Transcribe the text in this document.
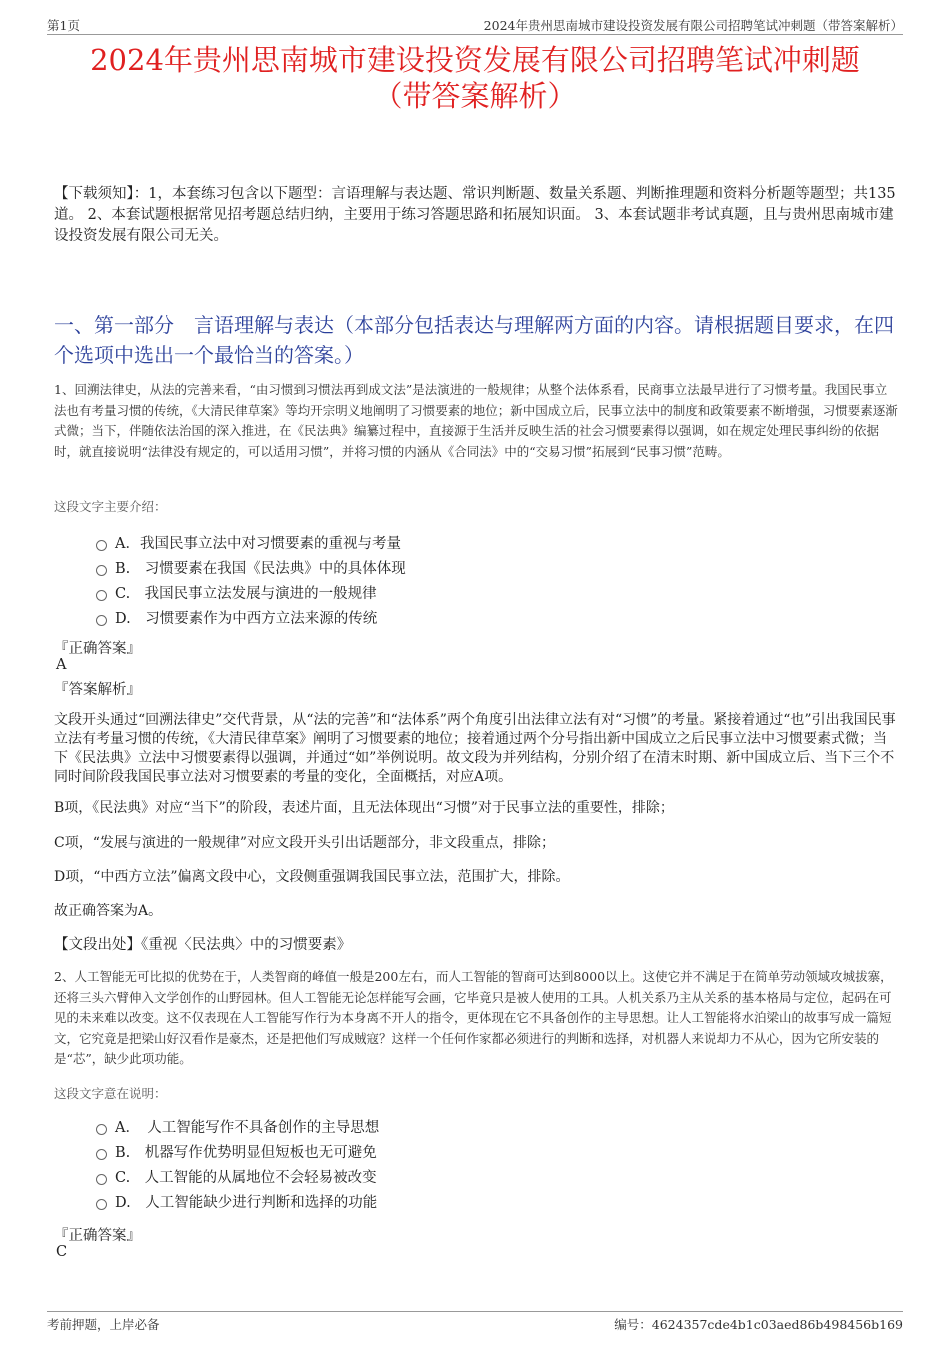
第1页	2024年贵州思南城市建设投资发展有限公司招聘笔试冲刺题（带答案解析）
2024年贵州思南城市建设投资发展有限公司招聘笔试冲刺题
（带答案解析）
【下载须知】：1，本套练习包含以下题型：言语理解与表达题、常识判断题、数量关系题、判断推理题和资料分析题等题型；共135道。 2、本套试题根据常见招考题总结归纳，主要用于练习答题思路和拓展知识面。 3、本套试题非考试真题，且与贵州思南城市建设投资发展有限公司无关。
一、第一部分　言语理解与表达（本部分包括表达与理解两方面的内容。请根据题目要求，在四个选项中选出一个最恰当的答案。）
1、回溯法律史，从法的完善来看，“由习惯到习惯法再到成文法”是法演进的一般规律；从整个法体系看，民商事立法最早进行了习惯考量。我国民事立法也有考量习惯的传统，《大清民律草案》等均开宗明义地阐明了习惯要素的地位；新中国成立后，民事立法中的制度和政策要素不断增强，习惯要素逐渐式微；当下，伴随依法治国的深入推进，在《民法典》编纂过程中，直接源于生活并反映生活的社会习惯要素得以强调，如在规定处理民事纠纷的依据时，就直接说明“法律没有规定的，可以适用习惯”，并将习惯的内涵从《合同法》中的“交易习惯”拓展到“民事习惯”范畴。
这段文字主要介绍：
A．我国民事立法中对习惯要素的重视与考量
B.　习惯要素在我国《民法典》中的具体体现
C.　我国民事立法发展与演进的一般规律
D.　习惯要素作为中西方立法来源的传统
『正确答案』
A
『答案解析』
文段开头通过“回溯法律史”交代背景，从“法的完善”和“法体系”两个角度引出法律立法有对“习惯”的考量。紧接着通过“也”引出我国民事立法有考量习惯的传统，《大清民律草案》阐明了习惯要素的地位；接着通过两个分号指出新中国成立之后民事立法中习惯要素式微；当下《民法典》立法中习惯要素得以强调，并通过“如”举例说明。故文段为并列结构，分别介绍了在清末时期、新中国成立后、当下三个不同时间阶段我国民事立法对习惯要素的考量的变化，全面概括，对应A项。
B项，《民法典》对应“当下”的阶段，表述片面，且无法体现出“习惯”对于民事立法的重要性，排除；
C项，“发展与演进的一般规律”对应文段开头引出话题部分，非文段重点，排除；
D项，“中西方立法”偏离文段中心，文段侧重强调我国民事立法，范围扩大，排除。
故正确答案为A。
【文段出处】《重视〈民法典〉中的习惯要素》
2、人工智能无可比拟的优势在于，人类智商的峰值一般是200左右，而人工智能的智商可达到8000以上。这使它并不满足于在简单劳动领域攻城拔寨，还将三头六臂伸入文学创作的山野园林。但人工智能无论怎样能写会画，它毕竟只是被人使用的工具。人机关系乃主从关系的基本格局与定位，起码在可见的未来难以改变。这不仅表现在人工智能写作行为本身离不开人的指令，更体现在它不具备创作的主导思想。让人工智能将水泊梁山的故事写成一篇短文，它究竟是把梁山好汉看作是豪杰，还是把他们写成贼寇？这样一个任何作家都必须进行的判断和选择，对机器人来说却力不从心，因为它所安装的是“芯”，缺少此项功能。
这段文字意在说明：
A．　人工智能写作不具备创作的主导思想
B.　机器写作优势明显但短板也无可避免
C.　人工智能的从属地位不会轻易被改变
D.　人工智能缺少进行判断和选择的功能
『正确答案』
C
考前押题，上岸必备	编号：4624357cde4b1c03aed86b498456b169
